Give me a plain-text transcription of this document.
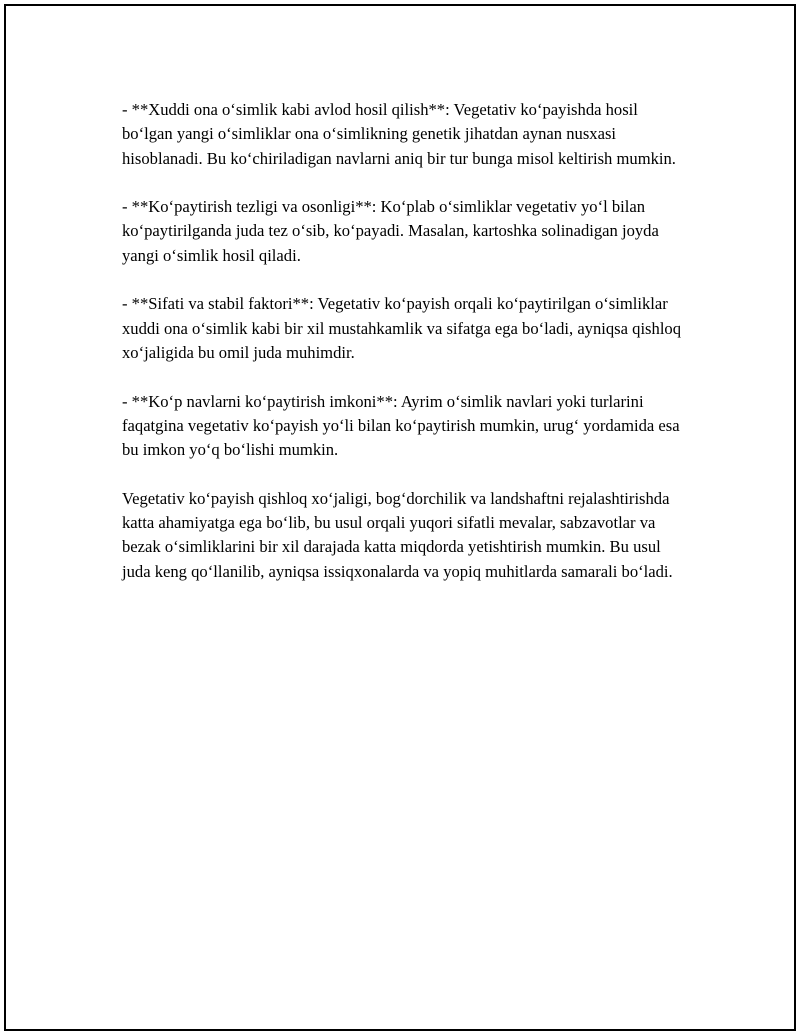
- **Xuddi ona oʻsimlik kabi avlod hosil qilish**: Vegetativ koʻpayishda hosil boʻlgan yangi oʻsimliklar ona oʻsimlikning genetik jihatdan aynan nusxasi hisoblanadi. Bu koʻchiriladigan navlarni aniq bir tur bunga misol keltirish mumkin.

- **Koʻpaytirish tezligi va osonligi**: Koʻplab oʻsimliklar vegetativ yoʻl bilan koʻpaytirilganda juda tez oʻsib, koʻpayadi. Masalan, kartoshka solinadigan joyda yangi oʻsimlik hosil qiladi.

- **Sifati va stabil faktori**: Vegetativ koʻpayish orqali koʻpaytirilgan oʻsimliklar xuddi ona oʻsimlik kabi bir xil mustahkamlik va sifatga ega boʻladi, ayniqsa qishloq xoʻjaligida bu omil juda muhimdir.

- **Koʻp navlarni koʻpaytirish imkoni**: Ayrim oʻsimlik navlari yoki turlarini faqatgina vegetativ koʻpayish yoʻli bilan koʻpaytirish mumkin, urugʻ yordamida esa bu imkon yoʻq boʻlishi mumkin.

Vegetativ koʻpayish qishloq xoʻjaligi, bogʻdorchilik va landshaftni rejalashtirishda katta ahamiyatga ega boʻlib, bu usul orqali yuqori sifatli mevalar, sabzavotlar va bezak oʻsimliklarini bir xil darajada katta miqdorda yetishtirish mumkin. Bu usul juda keng qoʻllanilib, ayniqsa issiqxonalarda va yopiq muhitlarda samarali boʻladi.
